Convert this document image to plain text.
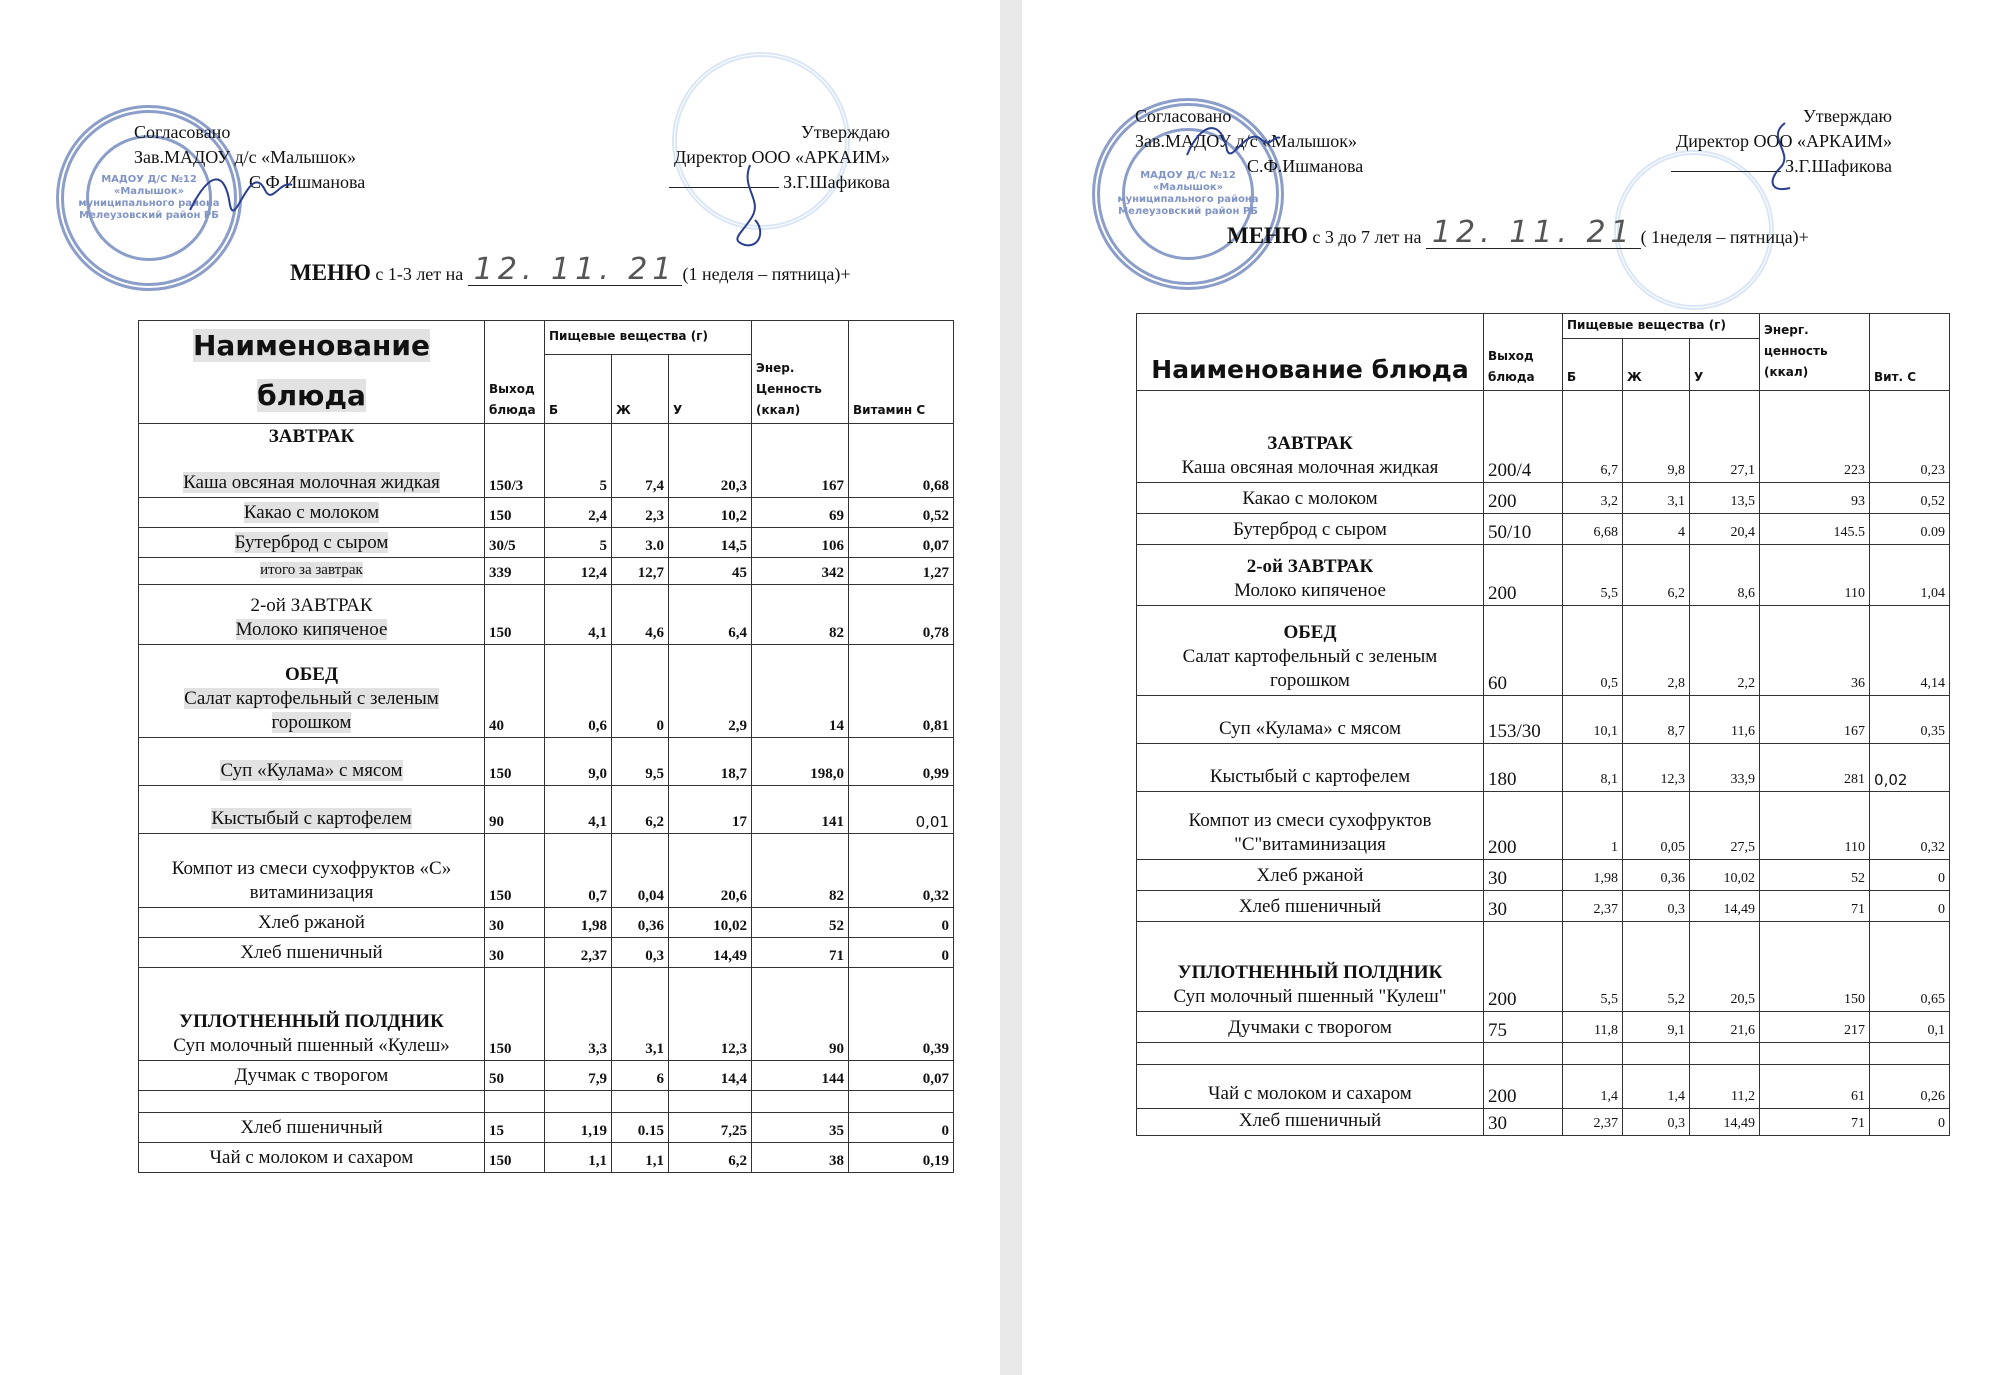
МАДОУ Д/С №12
«Малышок»
муниципального района
Мелеузовский район РБ
Согласовано
Зав.МАДОУ д/с «Малышок»
С.Ф.Ишманова
Утверждаю
Директор ООО «АРКАИМ»
З.Г.Шафикова
МЕНЮ с 1-3 лет на 12. 11. 21 (1 неделя – пятница)+
Наименование блюда	Выход блюда	Пищевые вещества (г)			Энер. Ценность (ккал)	Витамин С
		Б	Ж	У		

ЗАВТРАК
Каша овсяная молочная жидкая	150/3	5	7,4	20,3	167	0,68
Какао с молоком	150	2,4	2,3	10,2	69	0,52
Бутерброд с сыром	30/5	5	3.0	14,5	106	0,07
итого за завтрак	339	12,4	12,7	45	342	1,27

2-ой ЗАВТРАК
Молоко кипяченое	150	4,1	4,6	6,4	82	0,78

ОБЕД
Салат картофельный с зеленым горошком	40	0,6	0	2,9	14	0,81
Суп «Кулама» с мясом	150	9,0	9,5	18,7	198,0	0,99
Кыстыбый с картофелем	90	4,1	6,2	17	141	0,01
Компот из смеси сухофруктов «С» витаминизация	150	0,7	0,04	20,6	82	0,32
Хлеб ржаной	30	1,98	0,36	10,02	52	0
Хлеб пшеничный	30	2,37	0,3	14,49	71	0

УПЛОТНЕННЫЙ ПОЛДНИК
Суп молочный пшенный «Кулеш»	150	3,3	3,1	12,3	90	0,39
Дучмак с творогом	50	7,9	6	14,4	144	0,07

Хлеб пшеничный	15	1,19	0.15	7,25	35	0
Чай с молоком и сахаром	150	1,1	1,1	6,2	38	0,19
МАДОУ Д/С №12
«Малышок»
муниципального района
Мелеузовский район РБ
Согласовано
Зав.МАДОУ д/с «Малышок»
С.Ф.Ишманова
Утверждаю
Директор ООО «АРКАИМ»
З.Г.Шафикова
МЕНЮ с 3 до 7 лет на 12. 11. 21 ( 1неделя – пятница)+
Наименование блюда	Выход блюда	Пищевые вещества (г)			Энерг. ценность (ккал)	Вит. С
		Б	Ж	У		

ЗАВТРАК
Каша овсяная молочная жидкая	200/4	6,7	9,8	27,1	223	0,23
Какао с молоком	200	3,2	3,1	13,5	93	0,52
Бутерброд с сыром	50/10	6,68	4	20,4	145.5	0.09

2-ой ЗАВТРАК
Молоко кипяченое	200	5,5	6,2	8,6	110	1,04

ОБЕД
Салат картофельный с зеленым горошком	60	0,5	2,8	2,2	36	4,14
Суп «Кулама» с мясом	153/30	10,1	8,7	11,6	167	0,35
Кыстыбый с картофелем	180	8,1	12,3	33,9	281	0,02
Компот из смеси сухофруктов "С"витаминизация	200	1	0,05	27,5	110	0,32
Хлеб ржаной	30	1,98	0,36	10,02	52	0
Хлеб пшеничный	30	2,37	0,3	14,49	71	0

УПЛОТНЕННЫЙ ПОЛДНИК
Суп молочный пшенный "Кулеш"	200	5,5	5,2	20,5	150	0,65
Дучмаки с творогом	75	11,8	9,1	21,6	217	0,1

Чай с молоком и сахаром	200	1,4	1,4	11,2	61	0,26
Хлеб пшеничный	30	2,37	0,3	14,49	71	0
